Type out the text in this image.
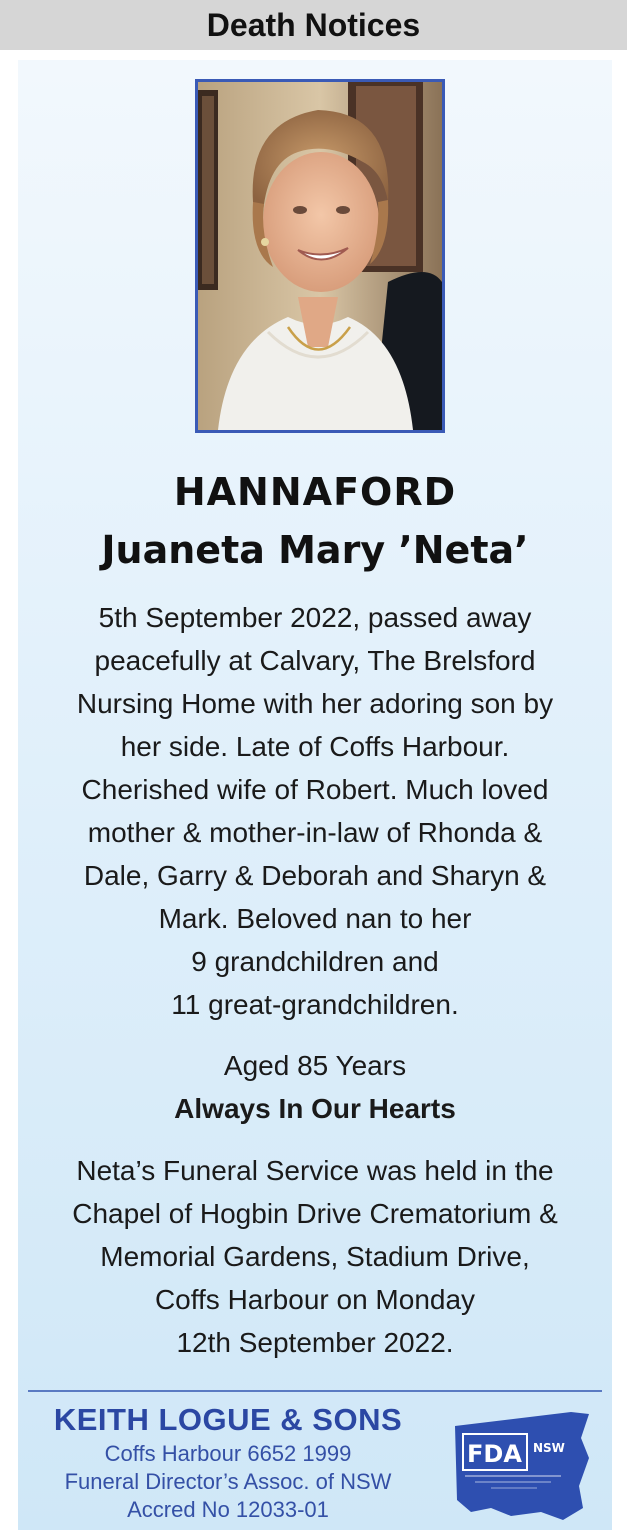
Death Notices
HANNAFORD
Juaneta Mary ’Neta’

5th September 2022, passed away

peacefully at Calvary, The Brelsford

Nursing Home with her adoring son by

her side. Late of Coffs Harbour.

Cherished wife of Robert. Much loved

mother & mother-in-law of Rhonda &

Dale, Garry & Deborah and Sharyn &

Mark. Beloved nan to her

9 grandchildren and

11 great-grandchildren.

Aged 85 Years
Always In Our Hearts
Neta’s Funeral Service was held in the
Chapel of Hogbin Drive Crematorium &
Memorial Gardens, Stadium Drive,
Coffs Harbour on Monday
12th September 2022.
KEITH LOGUE & SONS
Coffs Harbour 6652 1999
Funeral Director’s Assoc. of NSW
Accred No 12033-01
FDA NSW
